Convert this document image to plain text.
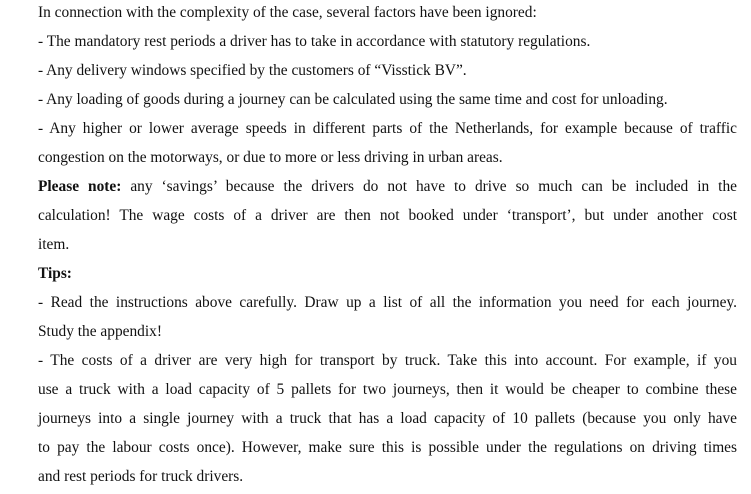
In connection with the complexity of the case, several factors have been ignored:
- The mandatory rest periods a driver has to take in accordance with statutory regulations.
- Any delivery windows specified by the customers of “Visstick BV”.
- Any loading of goods during a journey can be calculated using the same time and cost for unloading.
- Any higher or lower average speeds in different parts of the Netherlands, for example because of traffic
congestion on the motorways, or due to more or less driving in urban areas.
Please note: any ‘savings’ because the drivers do not have to drive so much can be included in the
calculation! The wage costs of a driver are then not booked under ‘transport’, but under another cost
item.
Tips:
- Read the instructions above carefully. Draw up a list of all the information you need for each journey.
Study the appendix!
- The costs of a driver are very high for transport by truck. Take this into account. For example, if you
use a truck with a load capacity of 5 pallets for two journeys, then it would be cheaper to combine these
journeys into a single journey with a truck that has a load capacity of 10 pallets (because you only have
to pay the labour costs once). However, make sure this is possible under the regulations on driving times
and rest periods for truck drivers.
